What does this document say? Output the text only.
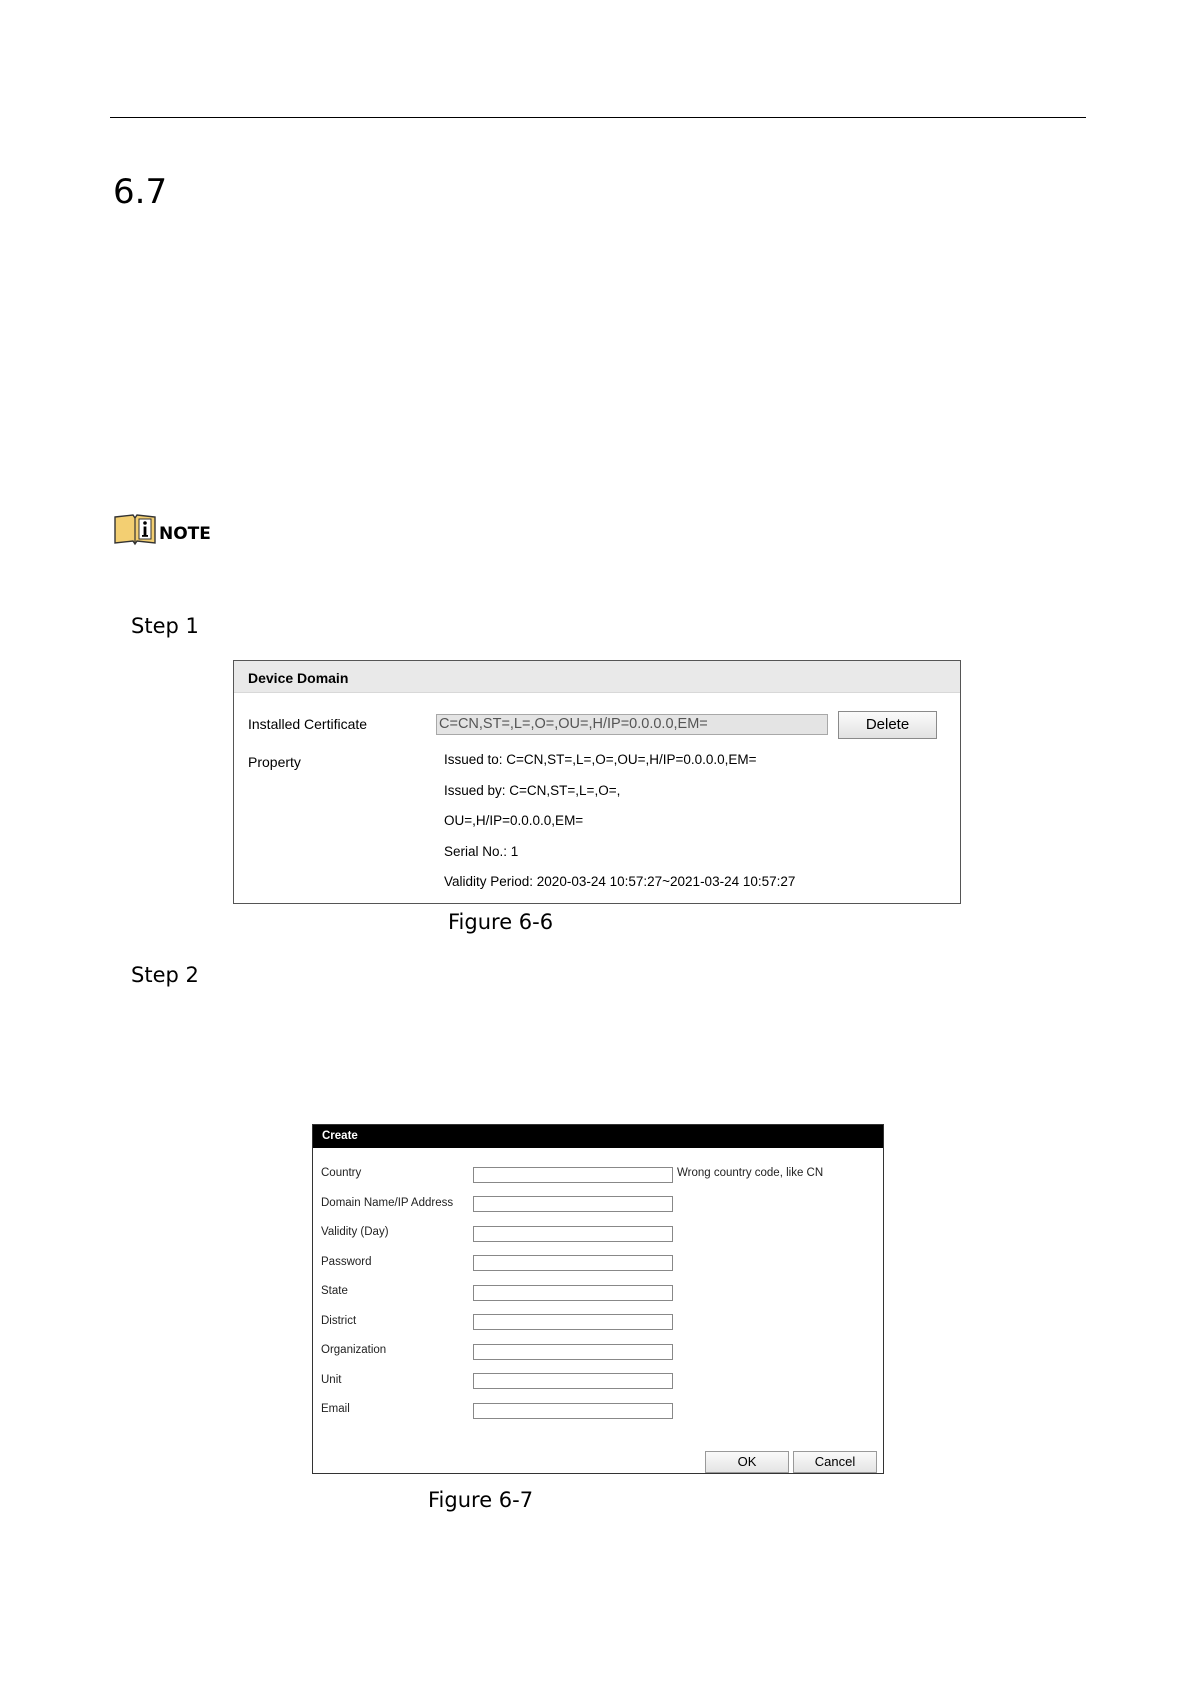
6.7
NOTE
Step 1
Device Domain
Installed Certificate	C=CN,ST=,L=,O=,OU=,H/IP=0.0.0.0,EM=	Delete
Property	Issued to: C=CN,ST=,L=,O=,OU=,H/IP=0.0.0.0,EM=
Issued by: C=CN,ST=,L=,O=,
OU=,H/IP=0.0.0.0,EM=
Serial No.: 1
Validity Period: 2020-03-24 10:57:27~2021-03-24 10:57:27
Figure 6-6
Step 2
Create
Country	Wrong country code, like CN
Domain Name/IP Address
Validity (Day)
Password
State
District
Organization
Unit
Email
OK	Cancel
Figure 6-7
